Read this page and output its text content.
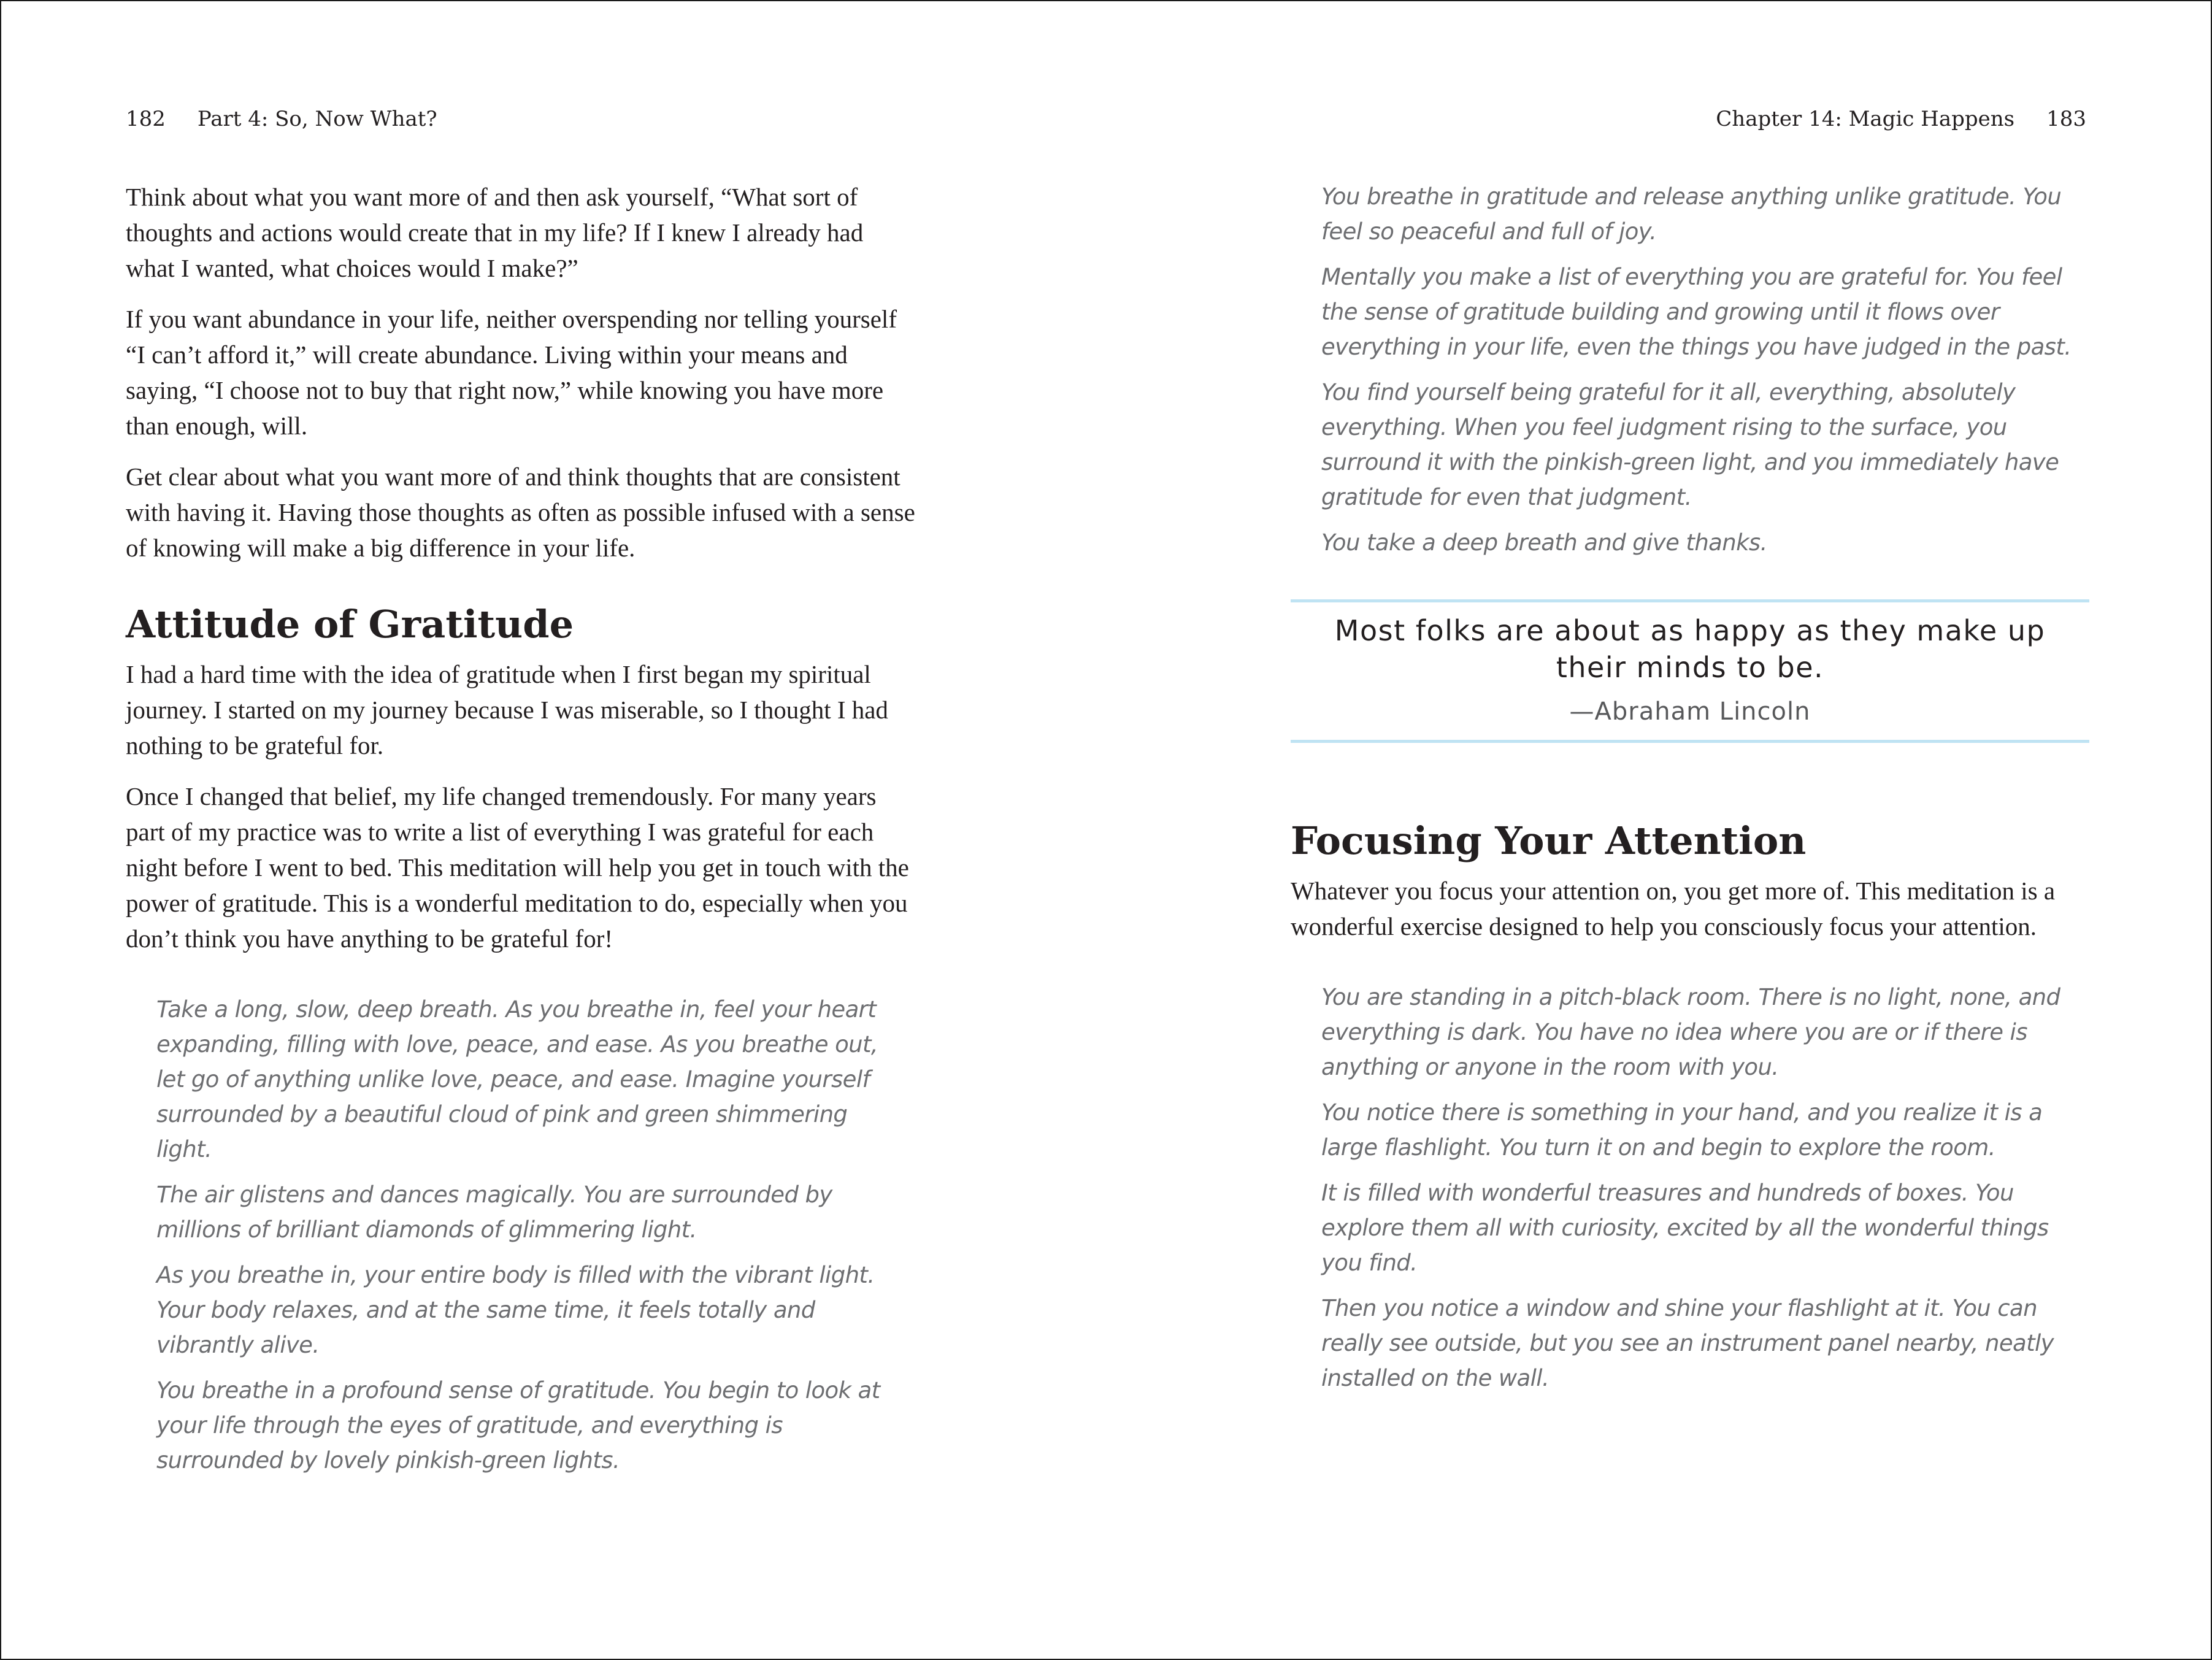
182 Part 4: So, Now What?

Think about what you want more of and then ask yourself, “What sort of thoughts and actions would create that in my life? If I knew I already had what I wanted, what choices would I make?”

If you want abundance in your life, neither overspending nor telling yourself “I can’t afford it,” will create abundance. Living within your means and saying, “I choose not to buy that right now,” while knowing you have more than enough, will.

Get clear about what you want more of and think thoughts that are consistent with having it. Having those thoughts as often as possible infused with a sense of knowing will make a big difference in your life.

Attitude of Gratitude

I had a hard time with the idea of gratitude when I first began my spiritual journey. I started on my journey because I was miserable, so I thought I had nothing to be grateful for.

Once I changed that belief, my life changed tremendously. For many years part of my practice was to write a list of everything I was grateful for each night before I went to bed. This meditation will help you get in touch with the power of gratitude. This is a wonderful meditation to do, especially when you don’t think you have anything to be grateful for!

Take a long, slow, deep breath. As you breathe in, feel your heart expanding, filling with love, peace, and ease. As you breathe out, let go of anything unlike love, peace, and ease. Imagine yourself surrounded by a beautiful cloud of pink and green shimmering light.

The air glistens and dances magically. You are surrounded by millions of brilliant diamonds of glimmering light.

As you breathe in, your entire body is filled with the vibrant light. Your body relaxes, and at the same time, it feels totally and vibrantly alive.

You breathe in a profound sense of gratitude. You begin to look at your life through the eyes of gratitude, and everything is surrounded by lovely pinkish-green lights.

Chapter 14: Magic Happens 183

You breathe in gratitude and release anything unlike gratitude. You feel so peaceful and full of joy.

Mentally you make a list of everything you are grateful for. You feel the sense of gratitude building and growing until it flows over everything in your life, even the things you have judged in the past.

You find yourself being grateful for it all, everything, absolutely everything. When you feel judgment rising to the surface, you surround it with the pinkish-green light, and you immediately have gratitude for even that judgment.

You take a deep breath and give thanks.

Most folks are about as happy as they make up their minds to be.
—Abraham Lincoln
Focusing Your Attention

Whatever you focus your attention on, you get more of. This meditation is a wonderful exercise designed to help you consciously focus your attention.

You are standing in a pitch-black room. There is no light, none, and everything is dark. You have no idea where you are or if there is anything or anyone in the room with you.

You notice there is something in your hand, and you realize it is a large flashlight. You turn it on and begin to explore the room.

It is filled with wonderful treasures and hundreds of boxes. You explore them all with curiosity, excited by all the wonderful things you find.

Then you notice a window and shine your flashlight at it. You can really see outside, but you see an instrument panel nearby, neatly installed on the wall.
